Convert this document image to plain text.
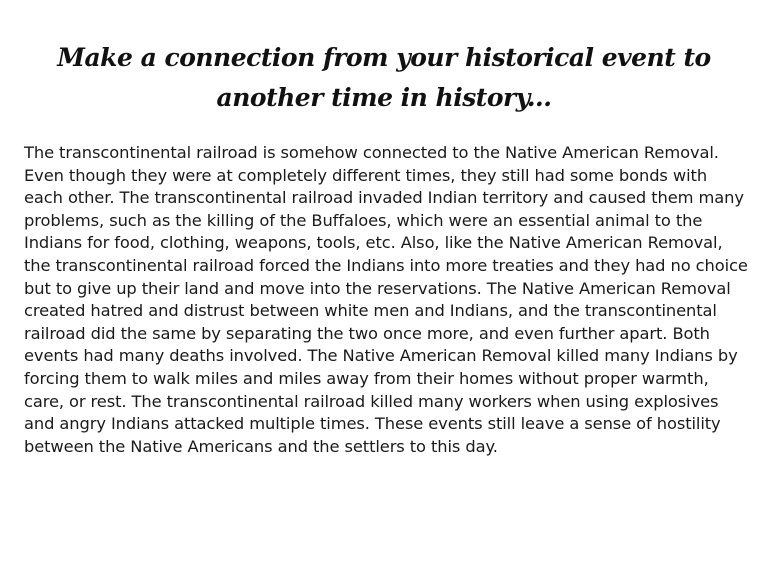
Make a connection from your historical event to another time in history...

The transcontinental railroad is somehow connected to the Native American Removal. Even though they were at completely different times, they still had some bonds with each other. The transcontinental railroad invaded Indian territory and caused them many problems, such as the killing of the Buffaloes, which were an essential animal to the Indians for food, clothing, weapons, tools, etc. Also, like the Native American Removal, the transcontinental railroad forced the Indians into more treaties and they had no choice but to give up their land and move into the reservations. The Native American Removal created hatred and distrust between white men and Indians, and the transcontinental railroad did the same by separating the two once more, and even further apart. Both events had many deaths involved. The Native American Removal killed many Indians by forcing them to walk miles and miles away from their homes without proper warmth, care, or rest. The transcontinental railroad killed many workers when using explosives and angry Indians attacked multiple times. These events still leave a sense of hostility between the Native Americans and the settlers to this day.
